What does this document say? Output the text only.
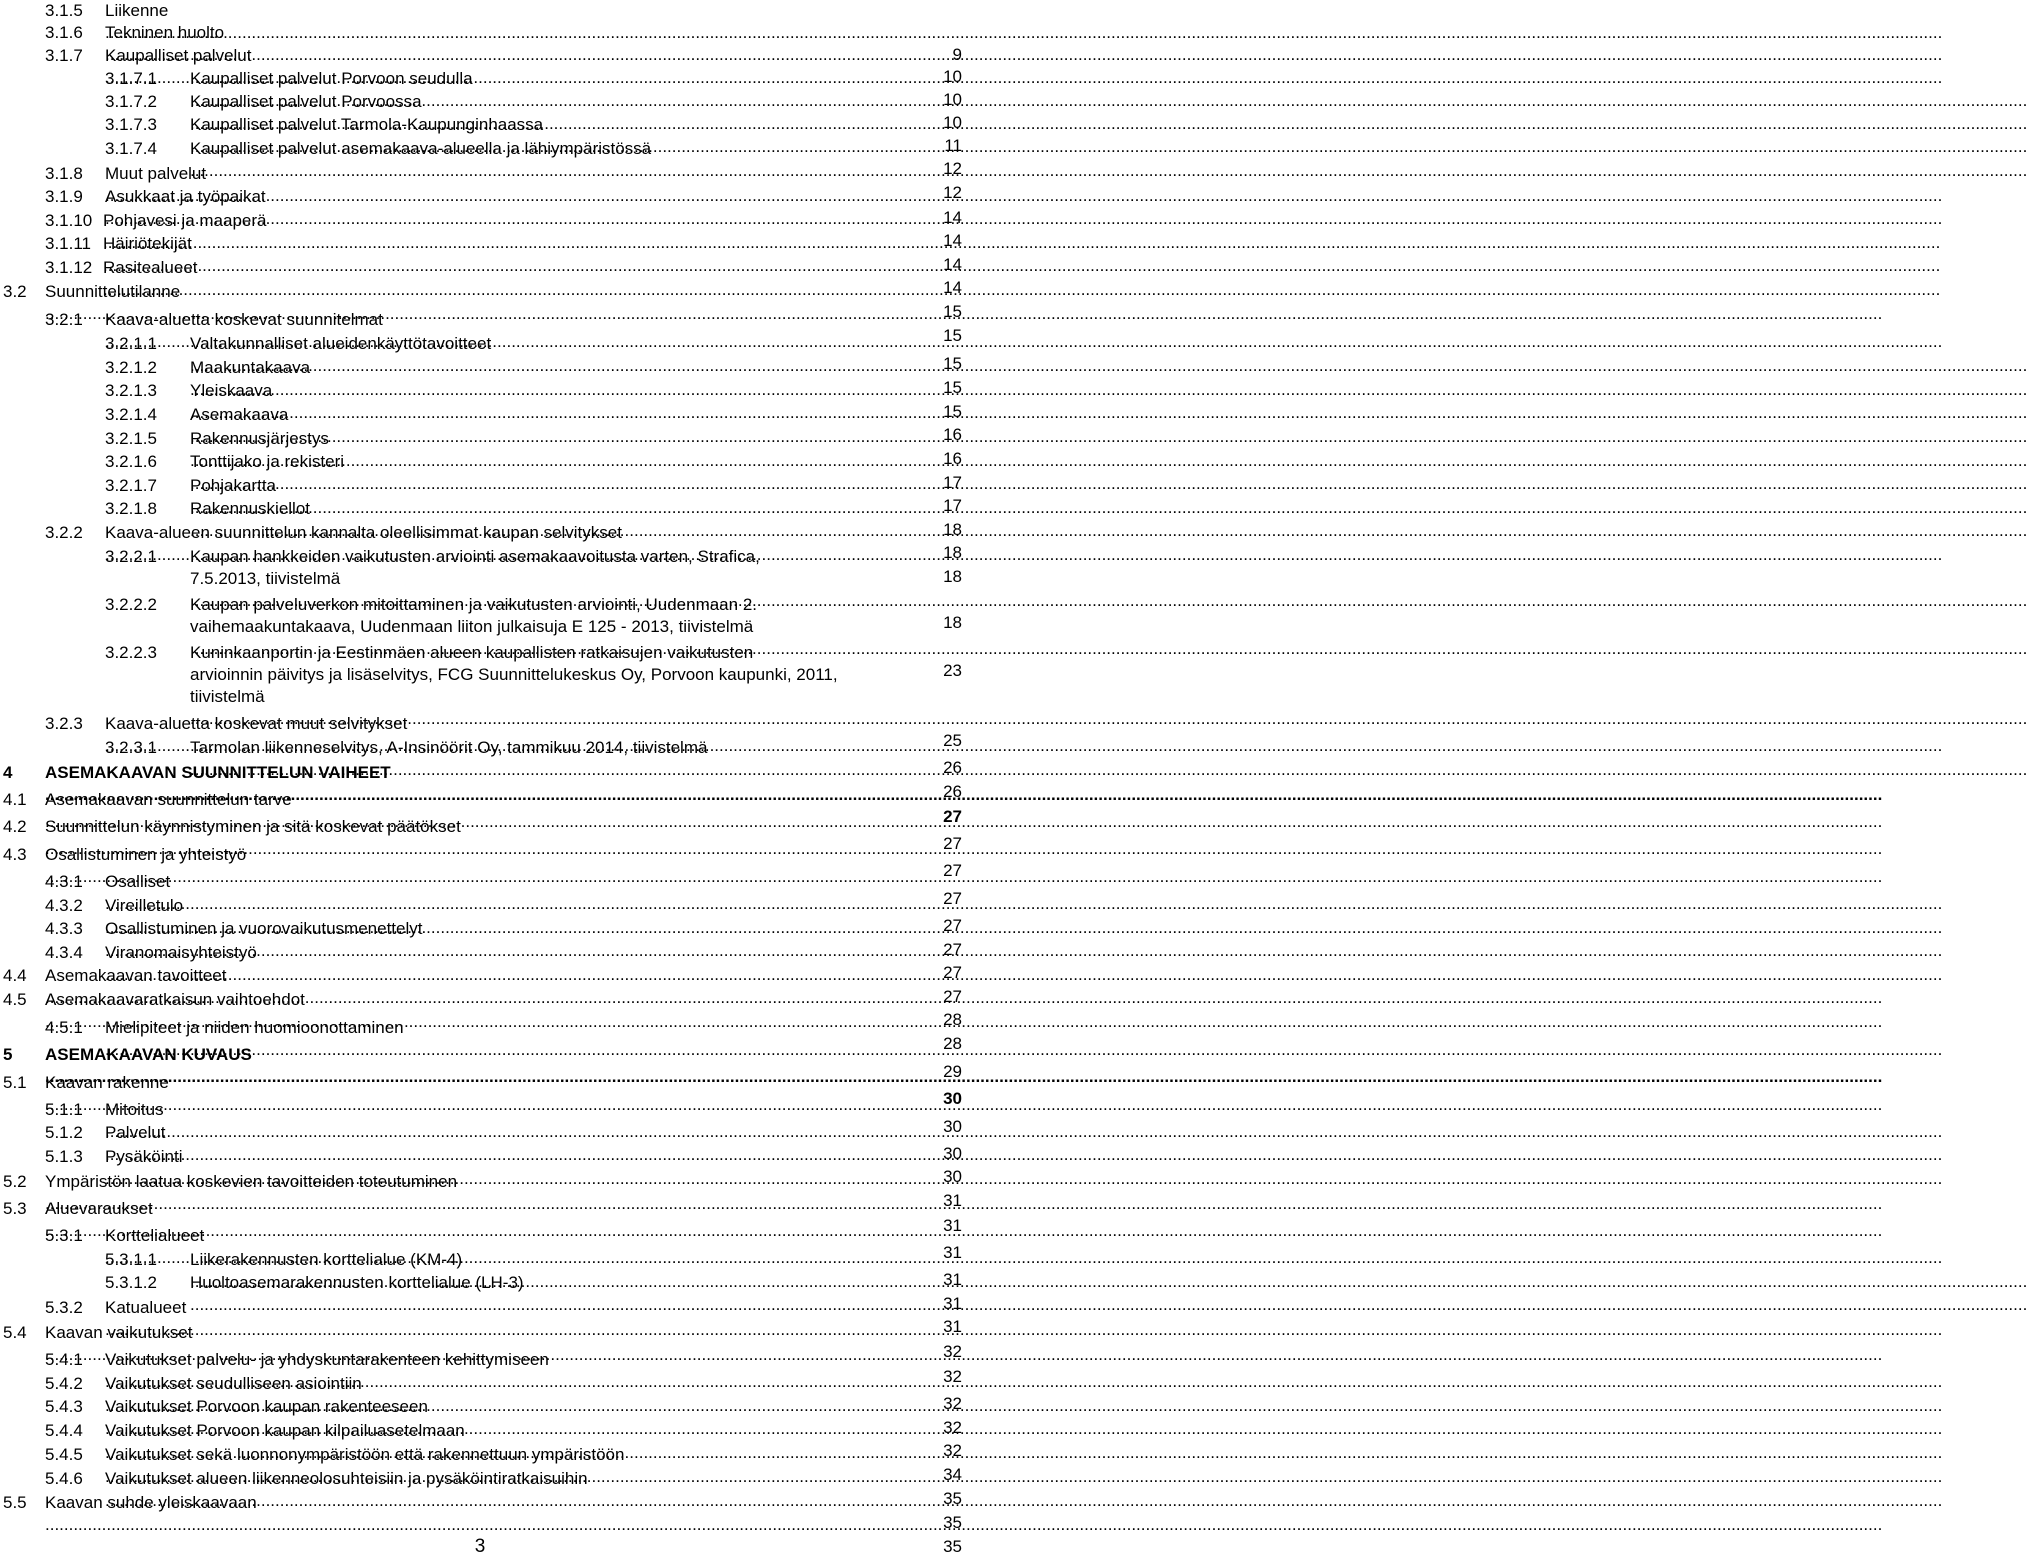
3.1.5 Liikenne
.....
9
3.1.6 Tekninen huolto
.....
10
3.1.7 Kaupalliset palvelut
.....
10
3.1.7.1 Kaupalliset palvelut Porvoon seudulla
.....
10
3.1.7.2 Kaupalliset palvelut Porvoossa
.....
11
3.1.7.3 Kaupalliset palvelut Tarmola-Kaupunginhaassa
.....
12
3.1.7.4 Kaupalliset palvelut asemakaava-alueella ja lähiympäristössä
.....
12
3.1.8 Muut palvelut
.....
14
3.1.9 Asukkaat ja työpaikat
.....
14
3.1.10 Pohjavesi ja maaperä
.....
14
3.1.11 Häiriötekijät
.....
14
3.1.12 Rasitealueet
.....
15
3.2 Suunnittelutilanne
.....
15
3.2.1 Kaava-aluetta koskevat suunnitelmat
.....
15
3.2.1.1 Valtakunnalliset alueidenkäyttötavoitteet
.....
15
3.2.1.2 Maakuntakaava
.....
15
3.2.1.3 Yleiskaava
.....
16
3.2.1.4 Asemakaava
.....
16
3.2.1.5 Rakennusjärjestys
.....
17
3.2.1.6 Tonttijako ja rekisteri
.....
17
3.2.1.7 Pohjakartta
.....
18
3.2.1.8 Rakennuskiellot
.....
18
3.2.2 Kaava-alueen suunnittelun kannalta oleellisimmat kaupan selvitykset
.....
18
3.2.2.1 Kaupan hankkeiden vaikutusten arviointi asemakaavoitusta varten, Strafica,
7.5.2013, tiivistelmä
.....
18
3.2.2.2 Kaupan palveluverkon mitoittaminen ja vaikutusten arviointi, Uudenmaan 2.
vaihemaakuntakaava, Uudenmaan liiton julkaisuja E 125 - 2013, tiivistelmä
.....
23
3.2.2.3 Kuninkaanportin ja Eestinmäen alueen kaupallisten ratkaisujen vaikutusten
arvioinnin päivitys ja lisäselvitys, FCG Suunnittelukeskus Oy, Porvoon kaupunki, 2011,
tiivistelmä
.....
25
3.2.3 Kaava-aluetta koskevat muut selvitykset
.....
26
3.2.3.1 Tarmolan liikenneselvitys, A-Insinöörit Oy, tammikuu 2014, tiivistelmä
.....
26
4 ASEMAKAAVAN SUUNNITTELUN VAIHEET
.....
27
4.1 Asemakaavan suunnittelun tarve
.....
27
4.2 Suunnittelun käynnistyminen ja sitä koskevat päätökset
.....
27
4.3 Osallistuminen ja yhteistyö
.....
27
4.3.1 Osalliset
.....
27
4.3.2 Vireilletulo
.....
27
4.3.3 Osallistuminen ja vuorovaikutusmenettelyt
.....
27
4.3.4 Viranomaisyhteistyö
.....
27
4.4 Asemakaavan tavoitteet
.....
28
4.5 Asemakaavaratkaisun vaihtoehdot
.....
28
4.5.1 Mielipiteet ja niiden huomioonottaminen
.....
29
5 ASEMAKAAVAN KUVAUS
.....
30
5.1 Kaavan rakenne
.....
30
5.1.1 Mitoitus
.....
30
5.1.2 Palvelut
.....
30
5.1.3 Pysäköinti
.....
31
5.2 Ympäristön laatua koskevien tavoitteiden toteutuminen
.....
31
5.3 Aluevaraukset
.....
31
5.3.1 Korttelialueet
.....
31
5.3.1.1 Liikerakennusten korttelialue (KM-4)
.....
31
5.3.1.2 Huoltoasemarakennusten korttelialue (LH-3)
.....
31
5.3.2 Katualueet
.....
32
5.4 Kaavan vaikutukset
.....
32
5.4.1 Vaikutukset palvelu- ja yhdyskuntarakenteen kehittymiseen
.....
32
5.4.2 Vaikutukset seudulliseen asiointiin
.....
32
5.4.3 Vaikutukset Porvoon kaupan rakenteeseen
.....
32
5.4.4 Vaikutukset Porvoon kaupan kilpailuasetelmaan
.....
34
5.4.5 Vaikutukset sekä luonnonympäristöön että rakennettuun ympäristöön
.....
35
5.4.6 Vaikutukset alueen liikenneolosuhteisiin ja pysäköintiratkaisuihin
.....
35
5.5 Kaavan suhde yleiskaavaan
.....
35
3
